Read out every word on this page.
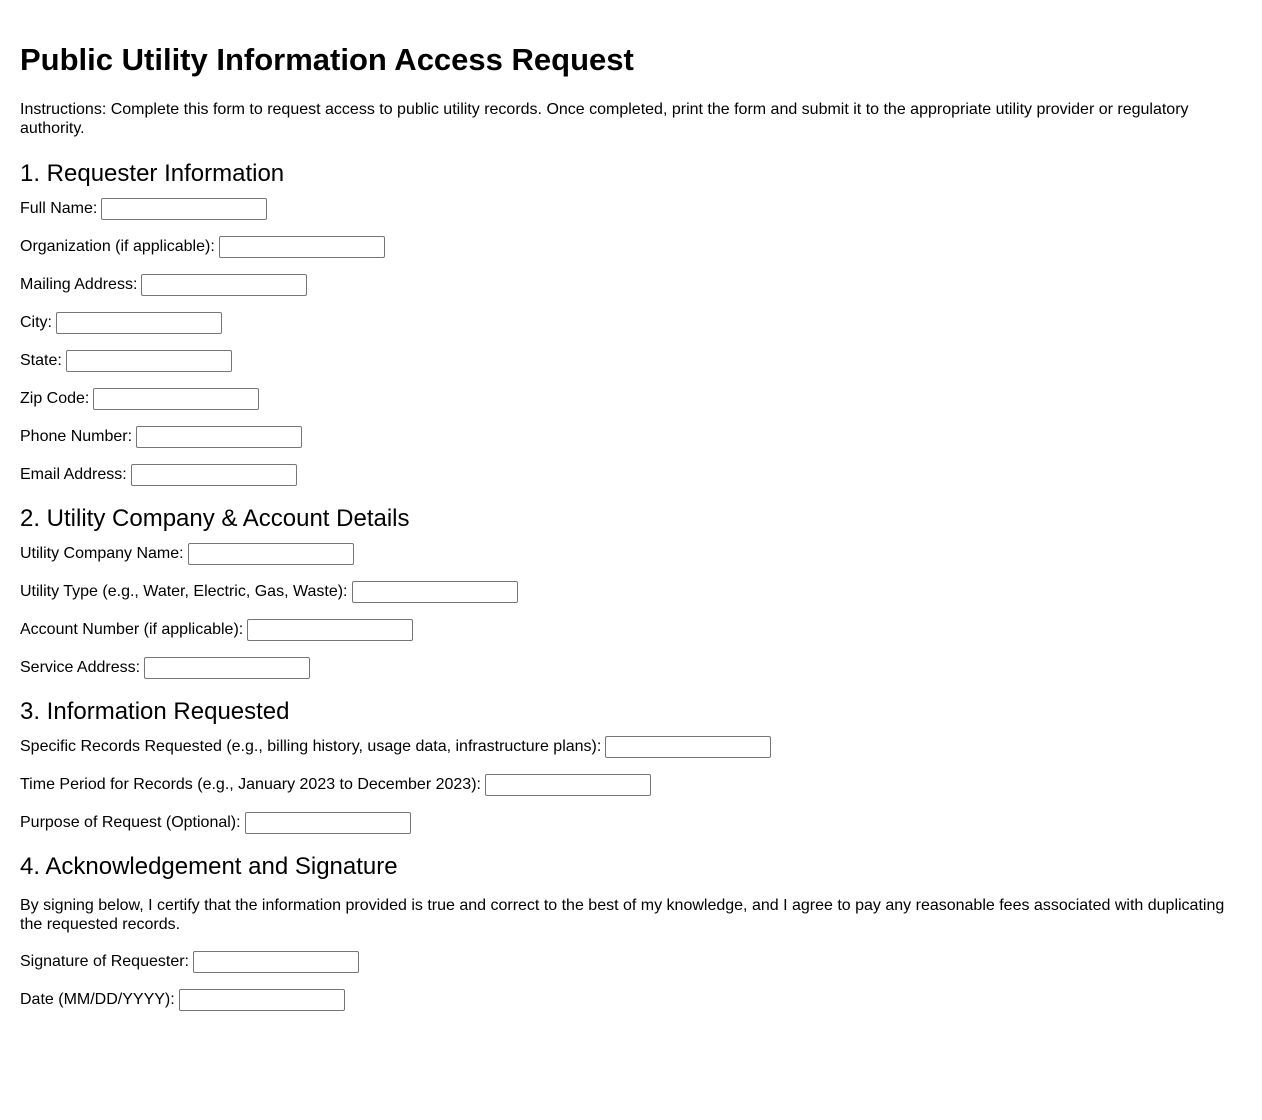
Public Utility Information Access Request

Instructions: Complete this form to request access to public utility records. Once completed, print the form and submit it to the appropriate utility provider or regulatory authority.

1. Requester Information
Full Name:
Organization (if applicable):
Mailing Address:
City:
State:
Zip Code:
Phone Number:
Email Address:
2. Utility Company & Account Details
Utility Company Name:
Utility Type (e.g., Water, Electric, Gas, Waste):
Account Number (if applicable):
Service Address:
3. Information Requested
Specific Records Requested (e.g., billing history, usage data, infrastructure plans):
Time Period for Records (e.g., January 2023 to December 2023):
Purpose of Request (Optional):
4. Acknowledgement and Signature

By signing below, I certify that the information provided is true and correct to the best of my knowledge, and I agree to pay any reasonable fees associated with duplicating the requested records.

Signature of Requester:
Date (MM/DD/YYYY):
